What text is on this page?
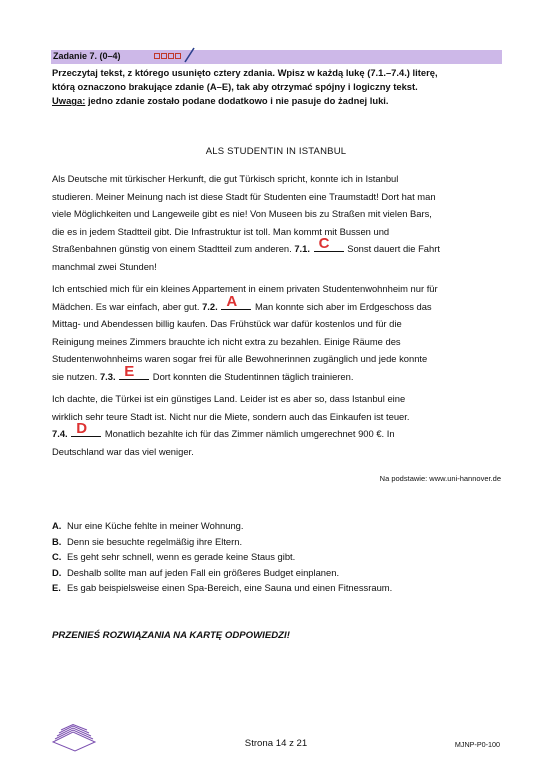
Zadanie 7. (0–4)
Przeczytaj tekst, z którego usunięto cztery zdania. Wpisz w każdą lukę (7.1.–7.4.) literę,
którą oznaczono brakujące zdanie (A–E), tak aby otrzymać spójny i logiczny tekst.
Uwaga: jedno zdanie zostało podane dodatkowo i nie pasuje do żadnej luki.
ALS STUDENTIN IN ISTANBUL
Als Deutsche mit türkischer Herkunft, die gut Türkisch spricht, konnte ich in Istanbul
studieren. Meiner Meinung nach ist diese Stadt für Studenten eine Traumstadt! Dort hat man
viele Möglichkeiten und Langeweile gibt es nie! Von Museen bis zu Straßen mit vielen Bars,
die es in jedem Stadtteil gibt. Die Infrastruktur ist toll. Man kommt mit Bussen und
Straßenbahnen günstig von einem Stadtteil zum anderen. 7.1. C Sonst dauert die Fahrt
manchmal zwei Stunden!
Ich entschied mich für ein kleines Appartement in einem privaten Studentenwohnheim nur für
Mädchen. Es war einfach, aber gut. 7.2. A Man konnte sich aber im Erdgeschoss das
Mittag- und Abendessen billig kaufen. Das Frühstück war dafür kostenlos und für die
Reinigung meines Zimmers brauchte ich nicht extra zu bezahlen. Einige Räume des
Studentenwohnheims waren sogar frei für alle Bewohnerinnen zugänglich und jede konnte
sie nutzen. 7.3. E Dort konnten die Studentinnen täglich trainieren.
Ich dachte, die Türkei ist ein günstiges Land. Leider ist es aber so, dass Istanbul eine
wirklich sehr teure Stadt ist. Nicht nur die Miete, sondern auch das Einkaufen ist teuer.
7.4. D Monatlich bezahlte ich für das Zimmer nämlich umgerechnet 900 €. In
Deutschland war das viel weniger.
Na podstawie: www.uni-hannover.de
A. Nur eine Küche fehlte in meiner Wohnung.
B. Denn sie besuchte regelmäßig ihre Eltern.
C. Es geht sehr schnell, wenn es gerade keine Staus gibt.
D. Deshalb sollte man auf jeden Fall ein größeres Budget einplanen.
E. Es gab beispielsweise einen Spa-Bereich, eine Sauna und einen Fitnessraum.
PRZENIEŚ ROZWIĄZANIA NA KARTĘ ODPOWIEDZI!
Strona 14 z 21	MJNP-P0-100
